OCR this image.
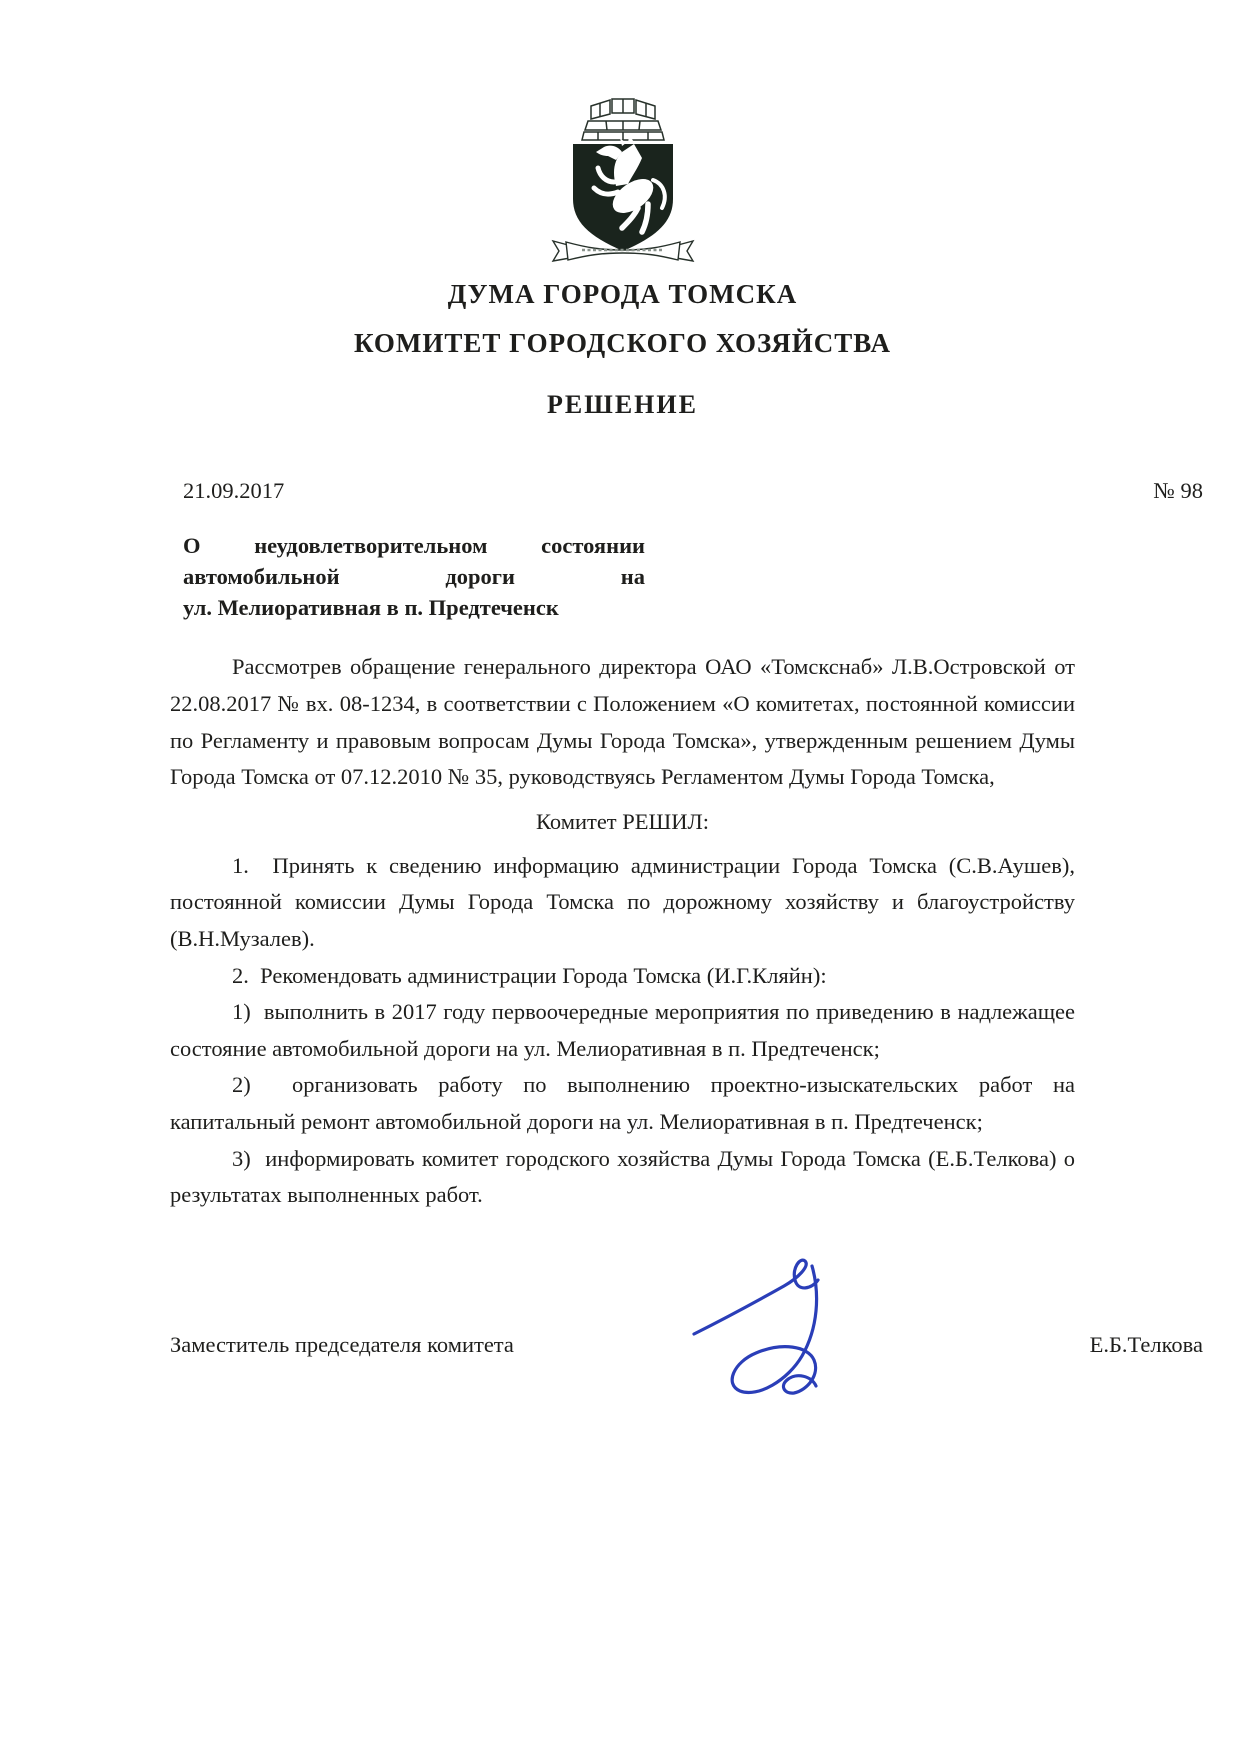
ДУМА ГОРОДА ТОМСКА
КОМИТЕТ ГОРОДСКОГО ХОЗЯЙСТВА
РЕШЕНИЕ
21.09.2017	№ 98
О неудовлетворительном состоянии
автомобильной дороги на
ул. Мелиоративная в п. Предтеченск

Рассмотрев обращение генерального директора ОАО «Томскснаб» Л.В.Островской от 22.08.2017 № вх. 08-1234, в соответствии с Положением «О комитетах, постоянной комиссии по Регламенту и правовым вопросам Думы Города Томска», утвержденным решением Думы Города Томска от 07.12.2010 № 35, руководствуясь Регламентом Думы Города Томска,

Комитет РЕШИЛ:

1.  Принять к сведению информацию администрации Города Томска (С.В.Аушев), постоянной комиссии Думы Города Томска по дорожному хозяйству и благоустройству (В.Н.Музалев).

2.  Рекомендовать администрации Города Томска (И.Г.Кляйн):

1)  выполнить в 2017 году первоочередные мероприятия по приведению в надлежащее состояние автомобильной дороги на ул. Мелиоративная в п. Предтеченск;

2)  организовать работу по выполнению проектно-изыскательских работ на капитальный ремонт автомобильной дороги на ул. Мелиоративная в п. Предтеченск;

3)  информировать комитет городского хозяйства Думы Города Томска (Е.Б.Телкова) о результатах выполненных работ.

Заместитель председателя комитета	Е.Б.Телкова
